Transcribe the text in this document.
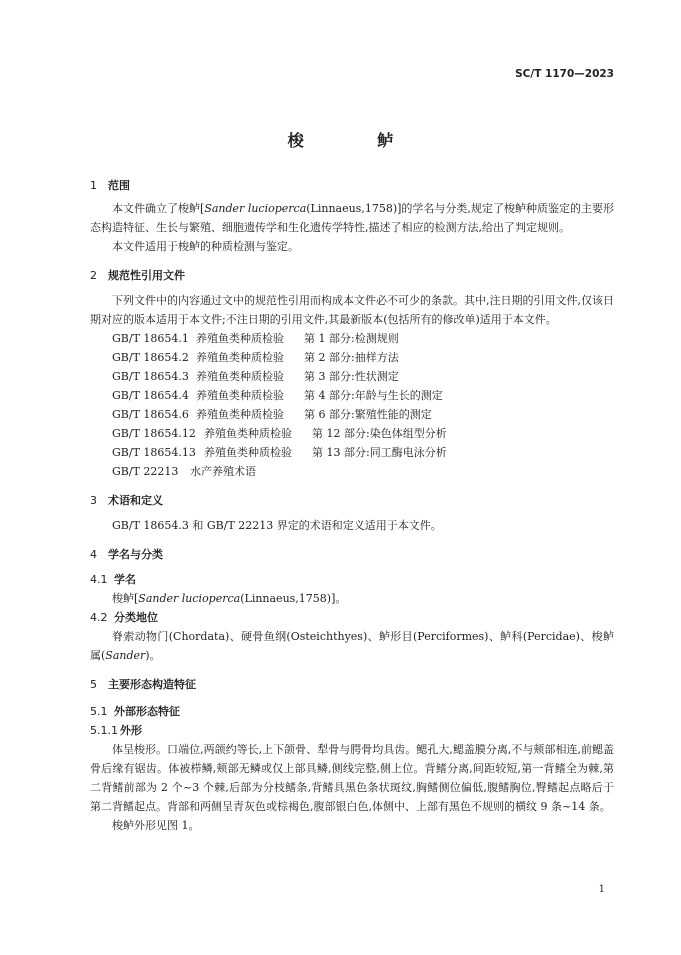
SC/T 1170—2023
梭 鲈
1	范围

本文件确立了梭鲈[Sander lucioperca(Linnaeus,1758)]的学名与分类,规定了梭鲈种质鉴定的主要形态构造特征、生长与繁殖、细胞遗传学和生化遗传学特性,描述了相应的检测方法,给出了判定规则。

本文件适用于梭鲈的种质检测与鉴定。

2	规范性引用文件

下列文件中的内容通过文中的规范性引用而构成本文件必不可少的条款。其中,注日期的引用文件,仅该日期对应的版本适用于本文件;不注日期的引用文件,其最新版本(包括所有的修改单)适用于本文件。

GB/T 18654.1 养殖鱼类种质检验	第 1 部分:检测规则
GB/T 18654.2 养殖鱼类种质检验	第 2 部分:抽样方法
GB/T 18654.3 养殖鱼类种质检验	第 3 部分:性状测定
GB/T 18654.4 养殖鱼类种质检验	第 4 部分:年龄与生长的测定
GB/T 18654.6 养殖鱼类种质检验	第 6 部分:繁殖性能的测定
GB/T 18654.12 养殖鱼类种质检验	第 12 部分:染色体组型分析
GB/T 18654.13 养殖鱼类种质检验	第 13 部分:同工酶电泳分析
GB/T 22213	水产养殖术语
3	术语和定义

GB/T 18654.3 和 GB/T 22213 界定的术语和定义适用于本文件。

4	学名与分类
4.1 学名

梭鲈[Sander lucioperca(Linnaeus,1758)]。

4.2 分类地位

脊索动物门(Chordata)、硬骨鱼纲(Osteichthyes)、鲈形目(Perciformes)、鲈科(Percidae)、梭鲈属(Sander)。

5	主要形态构造特征
5.1 外部形态特征
5.1.1 外形

体呈梭形。口端位,两颌约等长,上下颌骨、犁骨与腭骨均具齿。鳃孔大,鳃盖膜分离,不与颊部相连,前鳃盖骨后缘有锯齿。体被栉鳞,颊部无鳞或仅上部具鳞,侧线完整,侧上位。背鳍分离,间距较短,第一背鳍全为棘,第二背鳍前部为 2 个~3 个棘,后部为分枝鳍条,背鳍具黑色条状斑纹,胸鳍侧位偏低,腹鳍胸位,臀鳍起点略后于第二背鳍起点。背部和两侧呈青灰色或棕褐色,腹部银白色,体侧中、上部有黑色不规则的横纹 9 条~14 条。

梭鲈外形见图 1。

1
